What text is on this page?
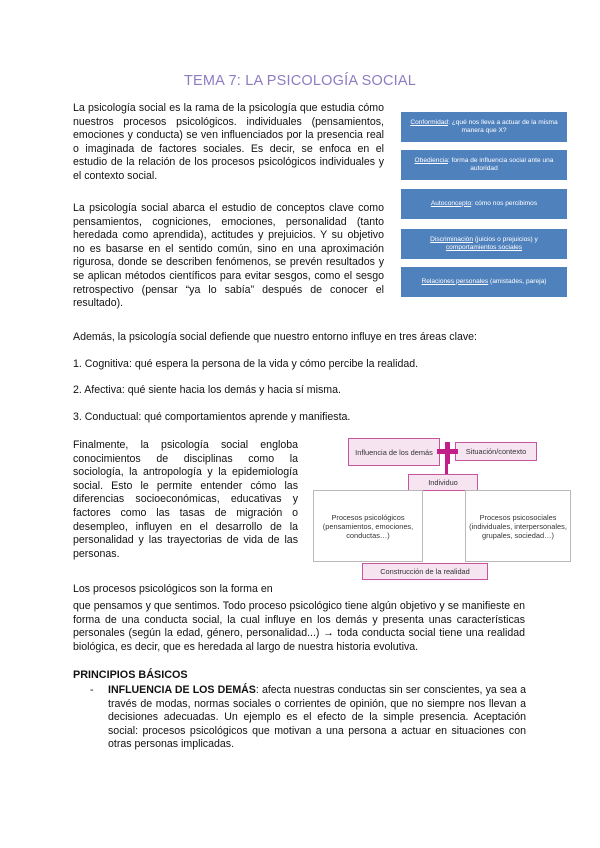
TEMA 7: LA PSICOLOGÍA SOCIAL

La psicología social es la rama de la psicología que estudia cómo nuestros procesos psicológicos. individuales (pensamientos, emociones y conducta) se ven influenciados por la presencia real o imaginada de factores sociales. Es decir, se enfoca en el estudio de la relación de los procesos psicológicos individuales y el contexto social.

La psicología social abarca el estudio de conceptos clave como pensamientos, cogniciones, emociones, personalidad (tanto heredada como aprendida), actitudes y prejuicios. Y su objetivo no es basarse en el sentido común, sino en una aproximación rigurosa, donde se describen fenómenos, se prevén resultados y se aplican métodos científicos para evitar sesgos, como el sesgo retrospectivo (pensar “ya lo sabía” después de conocer el resultado).

Conformidad: ¿qué nos lleva a actuar de la misma manera que X?
Obediencia: forma de influencia social ante una autoridad
Autoconcepto: cómo nos percibimos
Discriminación (juicios o prejuicios) y comportamientos sociales
Relaciones personales (amistades, pareja)
Además, la psicología social defiende que nuestro entorno influye en tres áreas clave:
1. Cognitiva: qué espera la persona de la vida y cómo percibe la realidad.
2. Afectiva: qué siente hacia los demás y hacia sí misma.
3. Conductual: qué comportamientos aprende y manifiesta.

Finalmente, la psicología social engloba conocimientos de disciplinas como la sociología, la antropología y la epidemiología social. Esto le permite entender cómo las diferencias socioeconómicas, educativas y factores como las tasas de migración o desempleo, influyen en el desarrollo de la personalidad y las trayectorias de vida de las personas.

Influencia de los demás	Situación/contexto
Individuo
Procesos psicológicos (pensamientos, emociones, conductas…)
Procesos psicosociales (individuales, interpersonales, grupales, sociedad…)
Construcción de la realidad

Los procesos psicológicos son la forma en

que pensamos y que sentimos. Todo proceso psicológico tiene algún objetivo y se manifieste en forma de una conducta social, la cual influye en los demás y presenta unas características personales (según la edad, género, personalidad...) → toda conducta social tiene una realidad biológica, es decir, que es heredada al largo de nuestra historia evolutiva.

PRINCIPIOS BÁSICOS
- INFLUENCIA DE LOS DEMÁS: afecta nuestras conductas sin ser conscientes, ya sea a través de modas, normas sociales o corrientes de opinión, que no siempre nos llevan a decisiones adecuadas. Un ejemplo es el efecto de la simple presencia. Aceptación social: procesos psicológicos que motivan a una persona a actuar en situaciones con otras personas implicadas.
